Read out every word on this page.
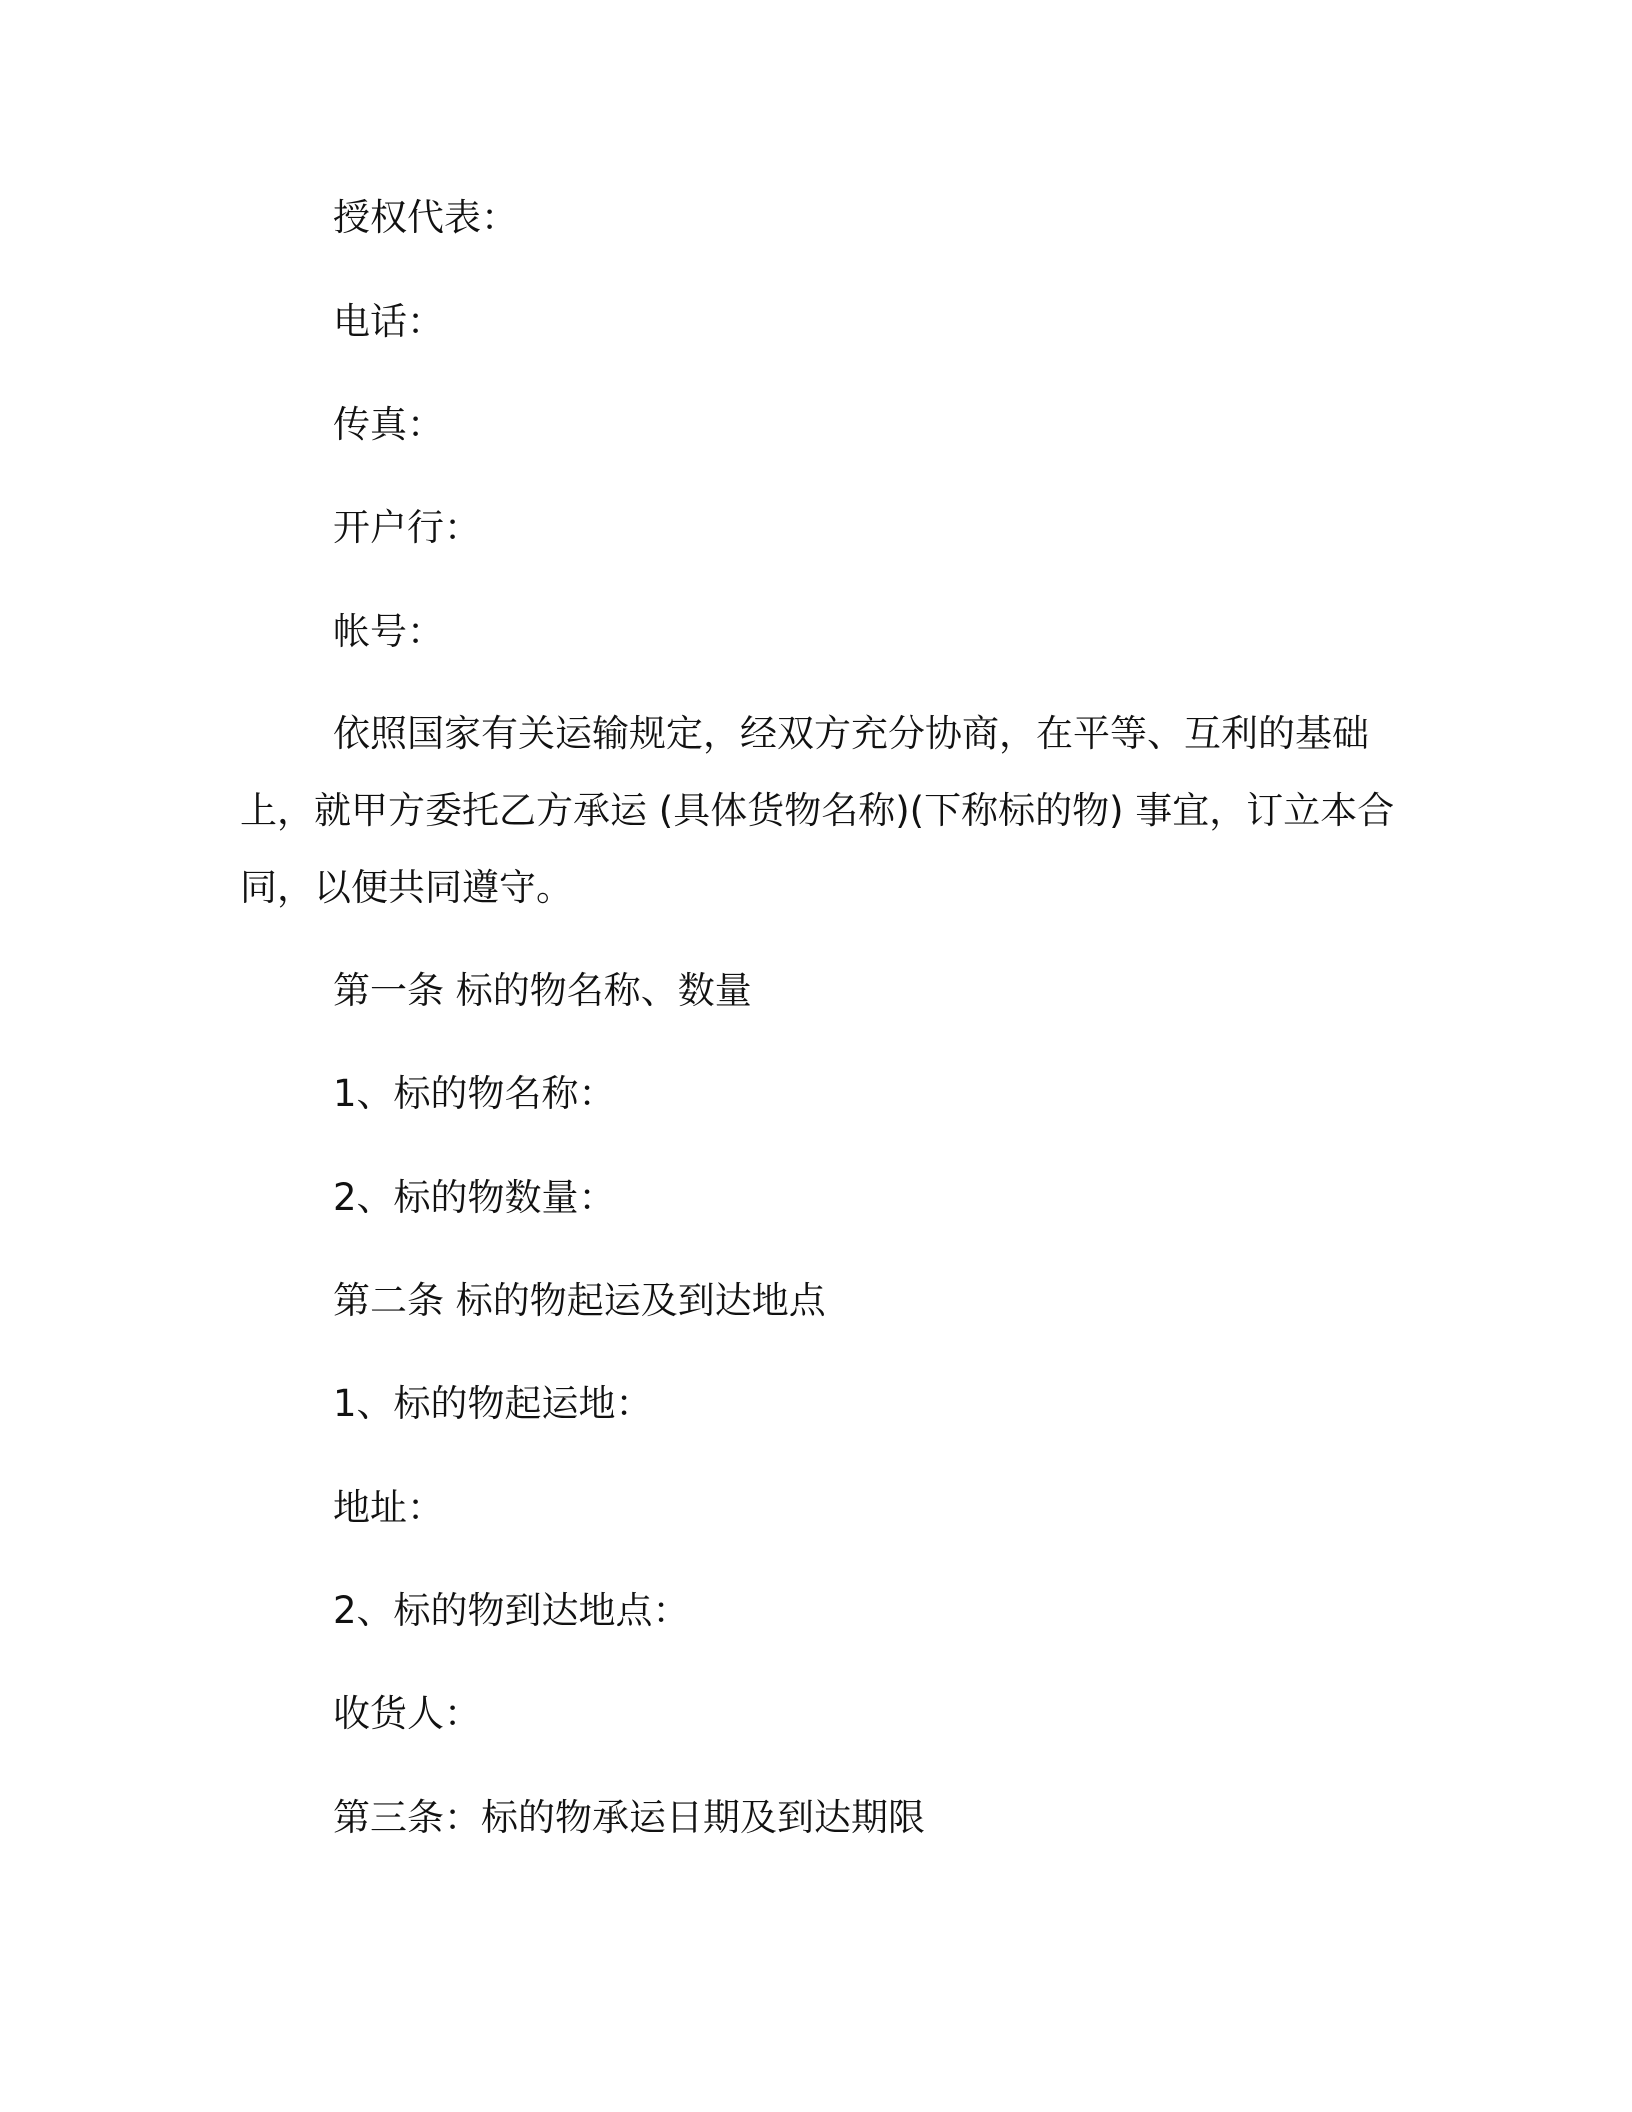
授权代表：

电话：

传真：

开户行：

帐号：

依照国家有关运输规定，经双方充分协商，在平等、互利的基础

上，就甲方委托乙方承运 (具体货物名称)(下称标的物) 事宜，订立本合

同，以便共同遵守。

第一条 标的物名称、数量

1、标的物名称：

2、标的物数量：

第二条 标的物起运及到达地点

1、标的物起运地：

地址：

2、标的物到达地点：

收货人：

第三条：标的物承运日期及到达期限
